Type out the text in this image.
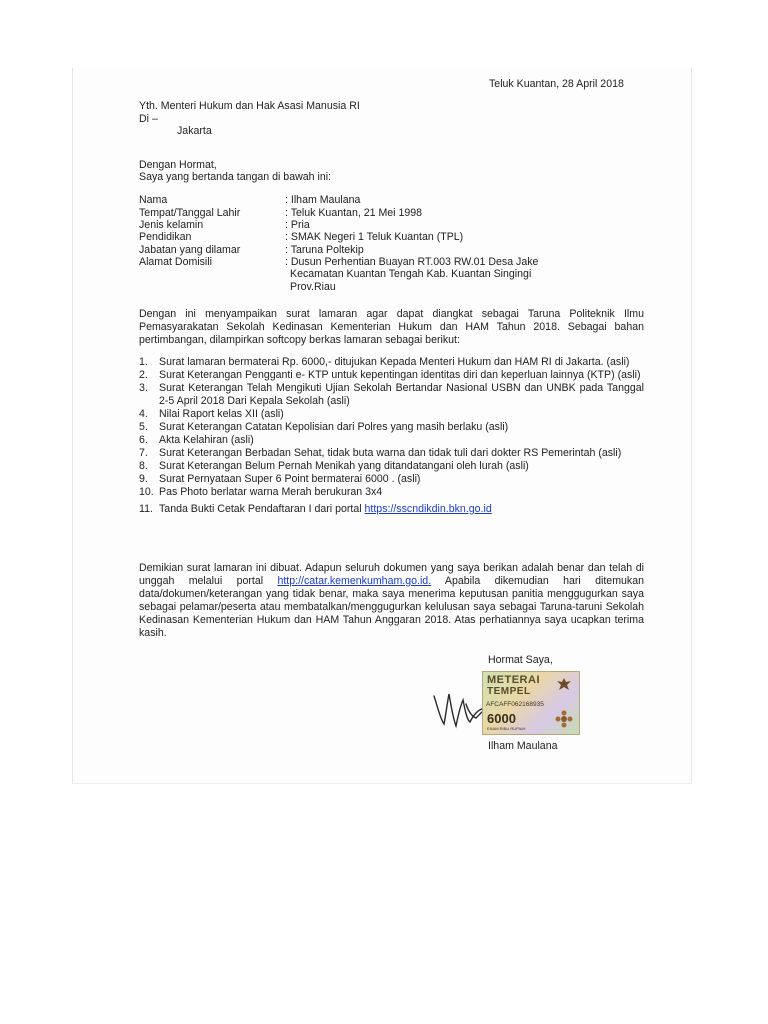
Teluk Kuantan, 28 April 2018
Yth. Menteri Hukum dan Hak Asasi Manusia RI
Di –
Jakarta
Dengan Hormat,
Saya yang bertanda tangan di bawah ini:
Nama	: Ilham Maulana
Tempat/Tanggal Lahir	: Teluk Kuantan, 21 Mei 1998
Jenis kelamin	: Pria
Pendidikan	: SMAK Negeri 1 Teluk Kuantan (TPL)
Jabatan yang dilamar	: Taruna Poltekip
Alamat Domisili	: Dusun Perhentian Buayan RT.003 RW.01 Desa Jake
Kecamatan Kuantan Tengah Kab. Kuantan Singingi
Prov.Riau
Dengan ini menyampaikan surat lamaran agar dapat diangkat sebagai Taruna Politeknik Ilmu Pemasyarakatan Sekolah Kedinasan Kementerian Hukum dan HAM Tahun 2018. Sebagai bahan pertimbangan, dilampirkan softcopy berkas lamaran sebagai berikut:
1. Surat lamaran bermaterai Rp. 6000,- ditujukan Kepada Menteri Hukum dan HAM RI di Jakarta. (asli)
2. Surat Keterangan Pengganti e- KTP untuk kepentingan identitas diri dan keperluan lainnya (KTP) (asli)
3. Surat Keterangan Telah Mengikuti Ujian Sekolah Bertandar Nasional USBN dan UNBK pada Tanggal 2-5 April 2018 Dari Kepala Sekolah (asli)
4. Nilai Raport kelas XII (asli)
5. Surat Keterangan Catatan Kepolisian dari Polres yang masih berlaku (asli)
6. Akta Kelahiran (asli)
7. Surat Keterangan Berbadan Sehat, tidak buta warna dan tidak tuli dari dokter RS Pemerintah (asli)
8. Surat Keterangan Belum Pernah Menikah yang ditandatangani oleh lurah (asli)
9. Surat Pernyataan Super 6 Point bermaterai 6000 . (asli)
10. Pas Photo berlatar warna Merah berukuran 3x4
11. Tanda Bukti Cetak Pendaftaran I dari portal https://sscndikdin.bkn.go.id
Demikian surat lamaran ini dibuat. Adapun seluruh dokumen yang saya berikan adalah benar dan telah di unggah melalui portal http://catar.kemenkumham.go.id. Apabila dikemudian hari ditemukan data/dokumen/keterangan yang tidak benar, maka saya menerima keputusan panitia menggugurkan saya sebagai pelamar/peserta atau membatalkan/menggugurkan kelulusan saya sebagai Taruna-taruni Sekolah Kedinasan Kementerian Hukum dan HAM Tahun Anggaran 2018. Atas perhatiannya saya ucapkan terima kasih.
Hormat Saya,
METERAI
TEMPEL
AFCAFF062168935
6000
ENAM RIBU RUPIAH
Ilham Maulana
